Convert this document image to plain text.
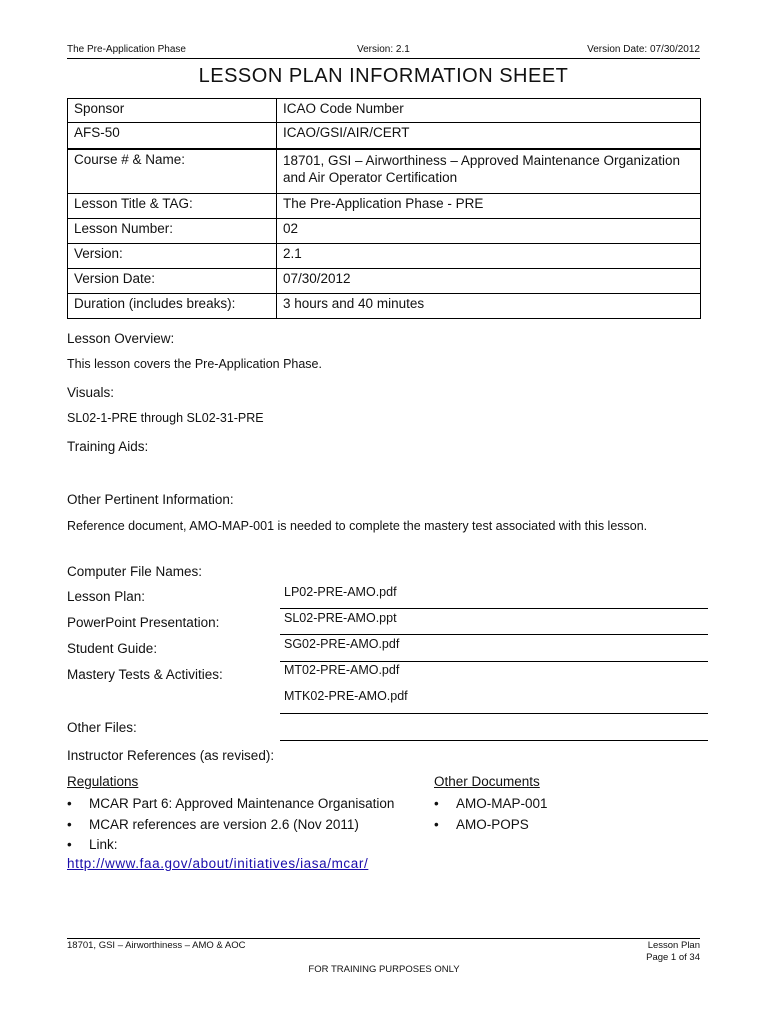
The Pre-Application Phase	Version: 2.1	Version Date: 07/30/2012
LESSON PLAN INFORMATION SHEET
Sponsor	ICAO Code Number
AFS-50	ICAO/GSI/AIR/CERT
Course # & Name:	18701, GSI – Airworthiness – Approved Maintenance Organization and Air Operator Certification
Lesson Title & TAG:	The Pre-Application Phase - PRE
Lesson Number:	02
Version:	2.1
Version Date:	07/30/2012
Duration (includes breaks):	3 hours and 40 minutes
Lesson Overview:
This lesson covers the Pre-Application Phase.
Visuals:
SL02-1-PRE through SL02-31-PRE
Training Aids:
Other Pertinent Information:
Reference document, AMO-MAP-001 is needed to complete the mastery test associated with this lesson.
Computer File Names:
Lesson Plan:	LP02-PRE-AMO.pdf
PowerPoint Presentation:	SL02-PRE-AMO.ppt
Student Guide:	SG02-PRE-AMO.pdf
Mastery Tests & Activities:	MT02-PRE-AMO.pdf
MTK02-PRE-AMO.pdf
Other Files:
Instructor References (as revised):
Regulations	Other Documents
• MCAR Part 6: Approved Maintenance Organisation
• MCAR references are version 2.6 (Nov 2011)
• Link:
http://www.faa.gov/about/initiatives/iasa/mcar/
• AMO-MAP-001
• AMO-POPS
18701, GSI – Airworthiness – AMO & AOC	Lesson Plan
Page 1 of 34
FOR TRAINING PURPOSES ONLY
